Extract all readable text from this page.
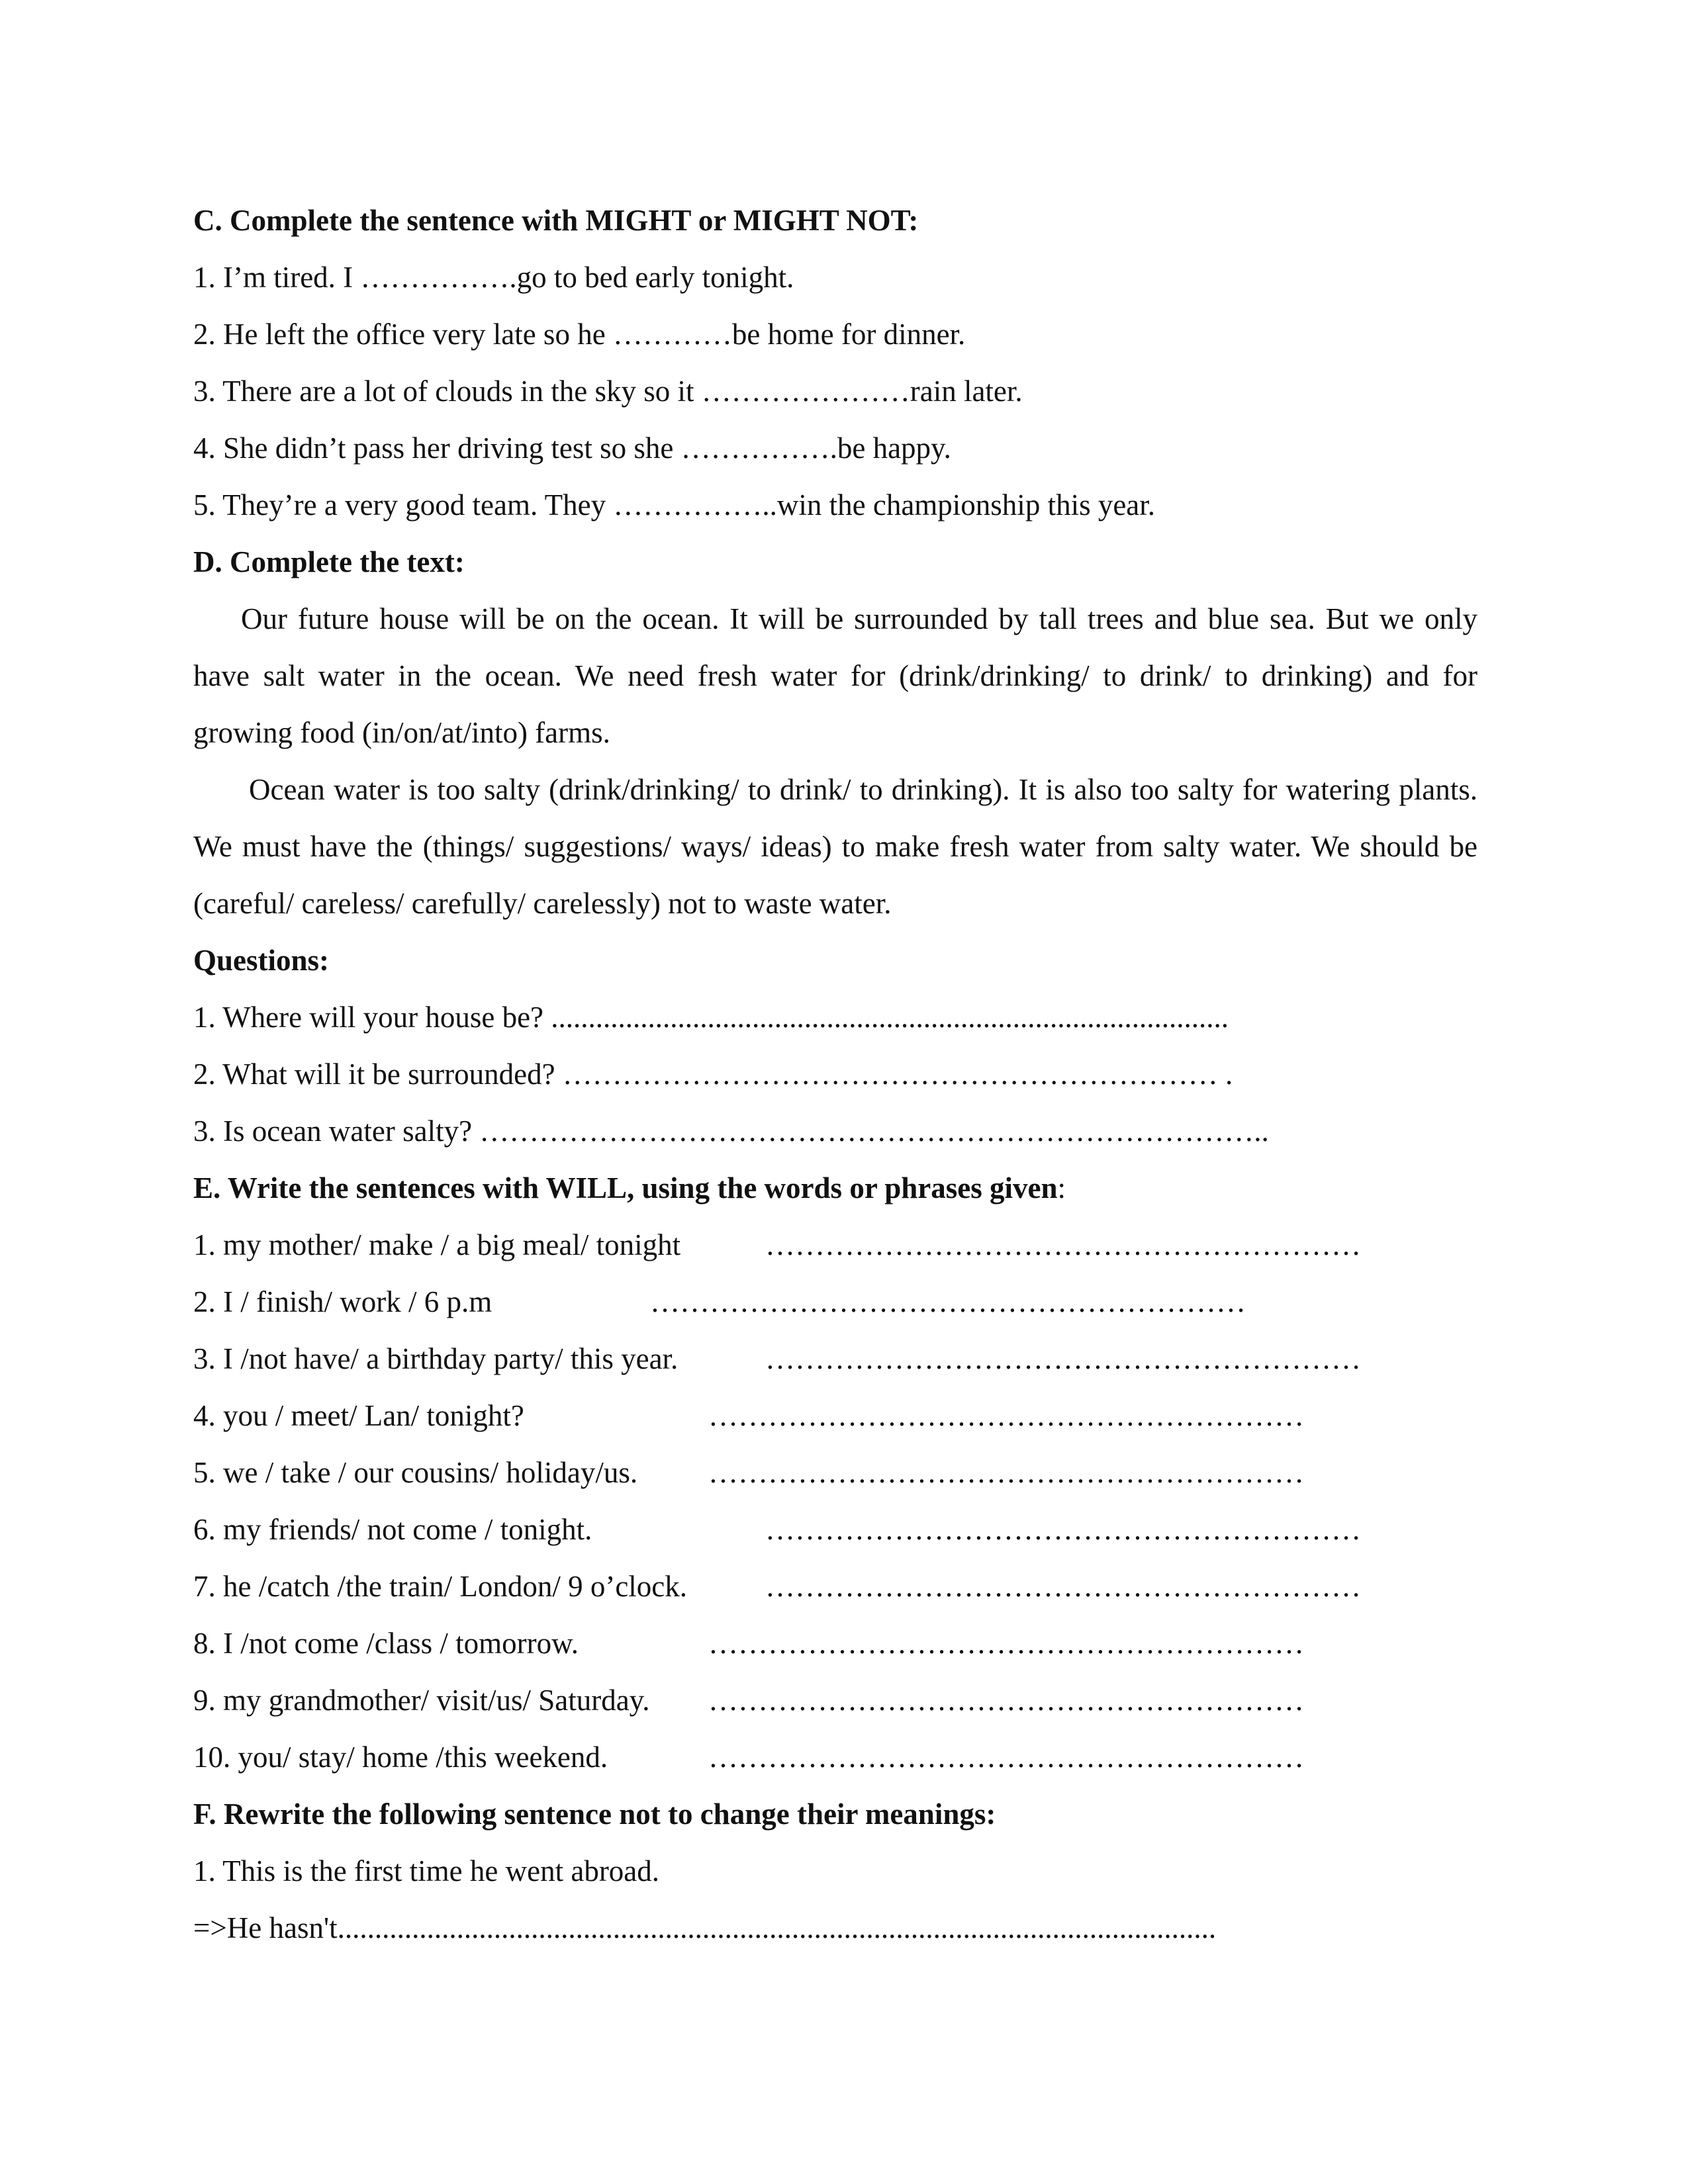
C. Complete the sentence with MIGHT or MIGHT NOT:
1. I’m tired. I …………….go to bed early tonight.
2. He left the office very late so he …………be home for dinner.
3. There are a lot of clouds in the sky so it …………………rain later.
4. She didn’t pass her driving test so she …………….be happy.
5. They’re a very good team. They ……………..win the championship this year.
D. Complete the text:

Our future house will be on the ocean. It will be surrounded by tall trees and blue sea. But we only have salt water in the ocean. We need fresh water for (drink/drinking/ to drink/ to drinking) and for growing food (in/on/at/into) farms.

Ocean water is too salty (drink/drinking/ to drink/ to drinking). It is also too salty for watering plants. We must have the (things/ suggestions/ ways/ ideas) to make fresh water from salty water. We should be (careful/ careless/ carefully/ carelessly) not to waste water.

Questions:
1. Where will your house be? ...........................................................................................
2. What will it be surrounded? ………………………………………………………… .
3. Is ocean water salty? ……………………………………………………………………..
E. Write the sentences with WILL, using the words or phrases given:
1. my mother/ make / a big meal/ tonight	……………………………………………………
2. I / finish/ work / 6 p.m	……………………………………………………
3. I /not have/ a birthday party/ this year.	……………………………………………………
4. you / meet/ Lan/ tonight?	……………………………………………………
5. we / take / our cousins/ holiday/us. ……………………………………………………
6. my friends/ not come / tonight.	……………………………………………………
7. he /catch /the train/ London/ 9 o’clock.	……………………………………………………
8. I /not come /class / tomorrow.	……………………………………………………
9. my grandmother/ visit/us/ Saturday. ……………………………………………………
10. you/ stay/ home /this weekend.	……………………………………………………
F. Rewrite the following sentence not to change their meanings:
1. This is the first time he went abroad.
=>He hasn't......................................................................................................................
